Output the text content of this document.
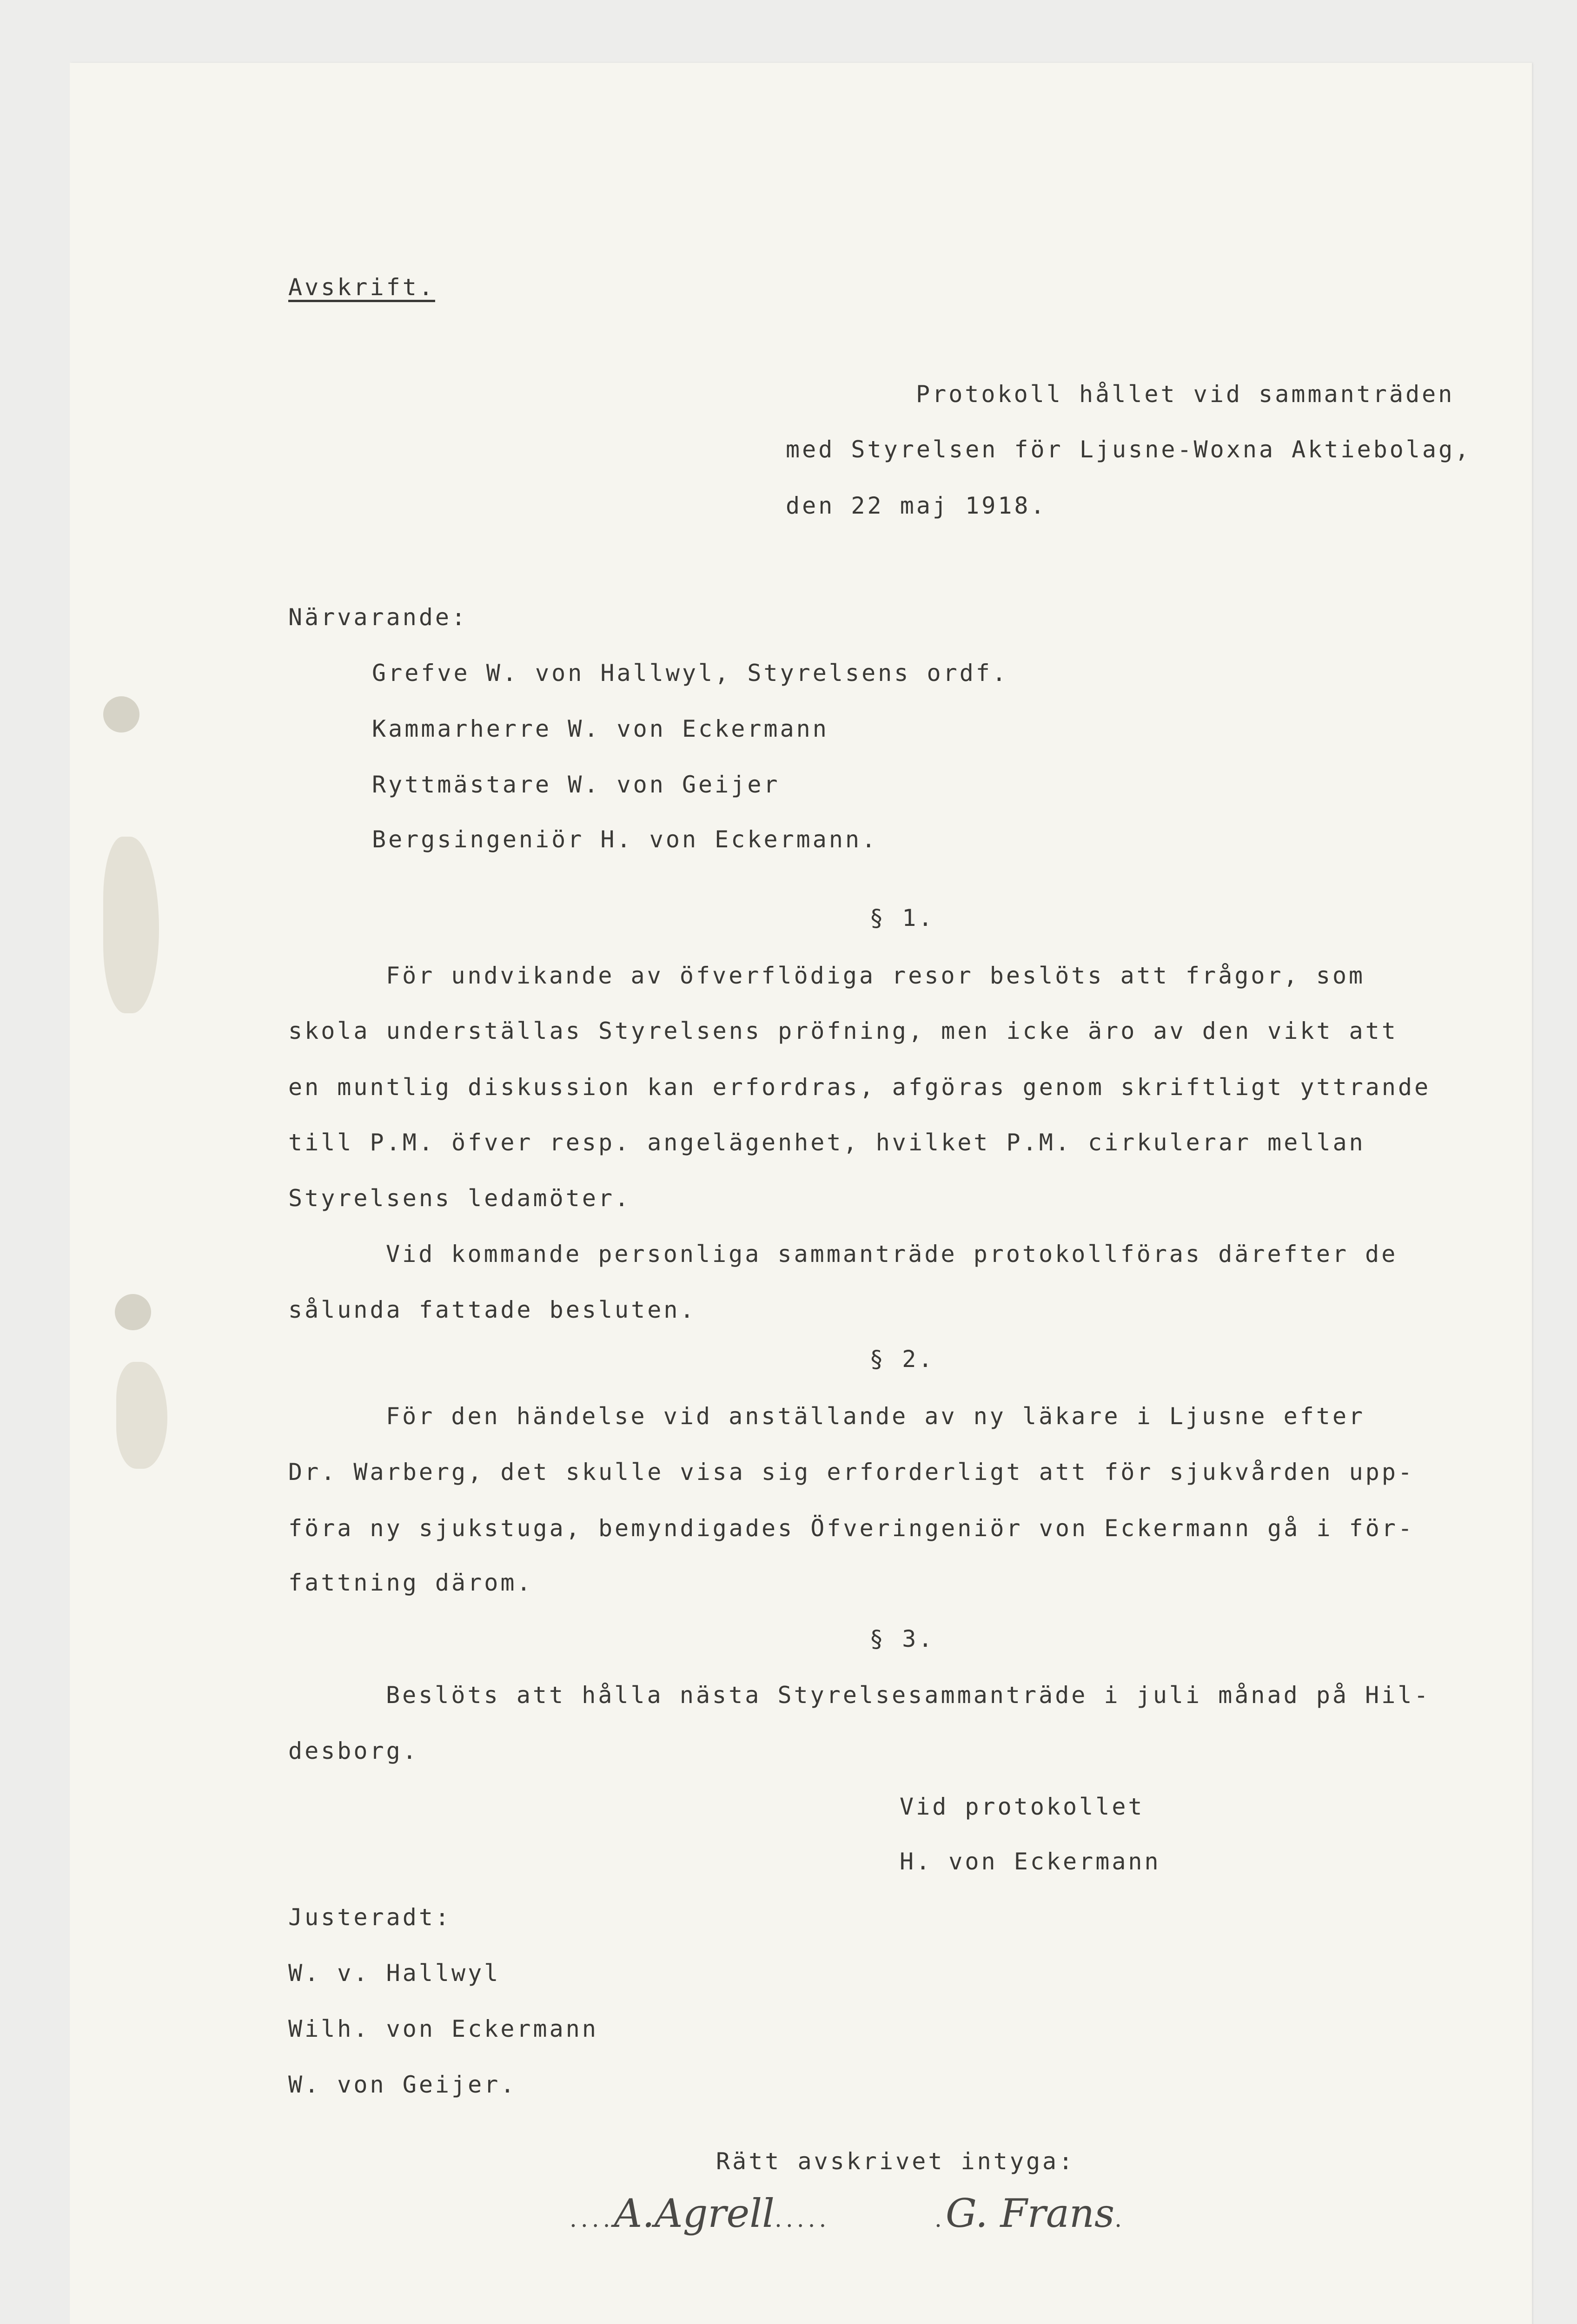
Avskrift.
Protokoll hållet vid sammanträden
med Styrelsen för Ljusne-Woxna Aktiebolag,
den 22 maj 1918.
Närvarande:
Grefve W. von Hallwyl, Styrelsens ordf.
Kammarherre W. von Eckermann
Ryttmästare W. von Geijer
Bergsingeniör H. von Eckermann.
§ 1.
För undvikande av öfverflödiga resor beslöts att frågor, som
skola underställas Styrelsens pröfning, men icke äro av den vikt att
en muntlig diskussion kan erfordras, afgöras genom skriftligt yttrande
till P.M. öfver resp. angelägenhet, hvilket P.M. cirkulerar mellan
Styrelsens ledamöter.
Vid kommande personliga sammanträde protokollföras därefter de
sålunda fattade besluten.
§ 2.
För den händelse vid anställande av ny läkare i Ljusne efter
Dr. Warberg, det skulle visa sig erforderligt att för sjukvården upp-
föra ny sjukstuga, bemyndigades Öfveringeniör von Eckermann gå i för-
fattning därom.
§ 3.
Beslöts att hålla nästa Styrelsesammanträde i juli månad på Hil-
desborg.
Vid protokollet
H. von Eckermann
Justeradt:
W. v. Hallwyl
Wilh. von Eckermann
W. von Geijer.
Rätt avskrivet intyga:
....A.Agrell.....	.G. Frans.
